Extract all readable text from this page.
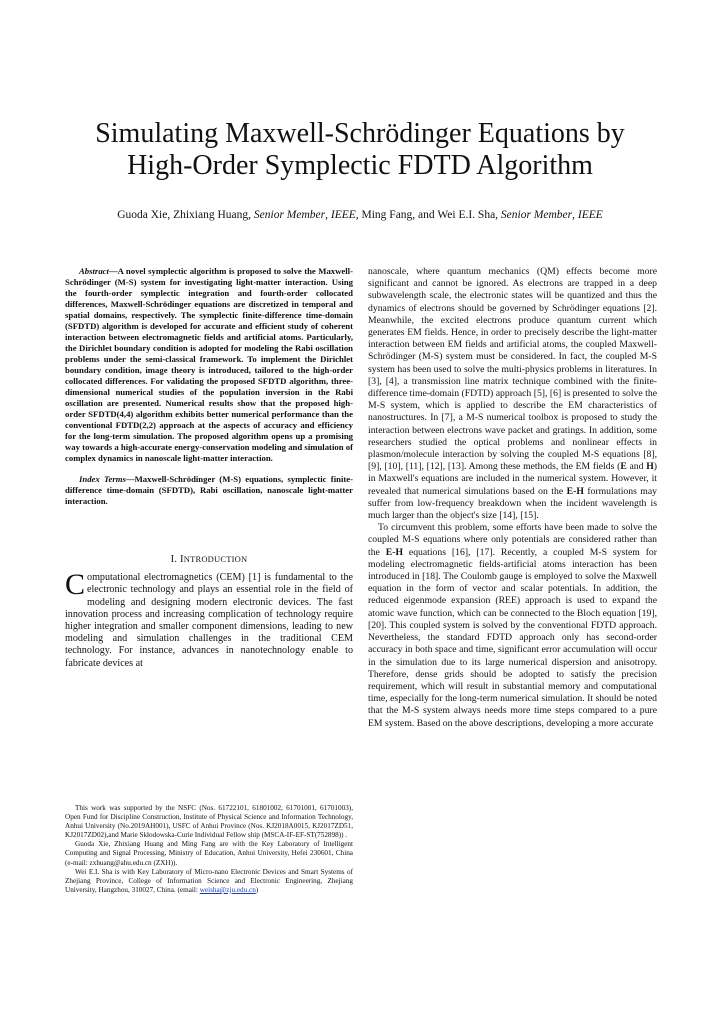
Simulating Maxwell-Schrödinger Equations by
High-Order Symplectic FDTD Algorithm
Guoda Xie, Zhixiang Huang, Senior Member, IEEE, Ming Fang, and Wei E.I. Sha, Senior Member, IEEE

Abstract—A novel symplectic algorithm is proposed to solve the Maxwell-Schrödinger (M-S) system for investigating light-matter interaction. Using the fourth-order symplectic integration and fourth-order collocated differences, Maxwell-Schrödinger equations are discretized in temporal and spatial domains, respectively. The symplectic finite-difference time-domain (SFDTD) algorithm is developed for accurate and efficient study of coherent interaction between electromagnetic fields and artificial atoms. Particularly, the Dirichlet boundary condition is adopted for modeling the Rabi oscillation problems under the semi-classical framework. To implement the Dirichlet boundary condition, image theory is introduced, tailored to the high-order collocated differences. For validating the proposed SFDTD algorithm, three-dimensional numerical studies of the population inversion in the Rabi oscillation are presented. Numerical results show that the proposed high-order SFDTD(4,4) algorithm exhibits better numerical performance than the conventional FDTD(2,2) approach at the aspects of accuracy and efficiency for the long-term simulation. The proposed algorithm opens up a promising way towards a high-accurate energy-conservation modeling and simulation of complex dynamics in nanoscale light-matter interaction.

Index Terms—Maxwell-Schrödinger (M-S) equations, symplectic finite-difference time-domain (SFDTD), Rabi oscillation, nanoscale light-matter interaction.

I. INTRODUCTION

Computational electromagnetics (CEM) [1] is fundamental to the electronic technology and plays an essential role in the field of modeling and designing modern electronic devices. The fast innovation process and increasing complication of technology require higher integration and smaller component dimensions, leading to new modeling and simulation challenges in the traditional CEM technology. For instance, advances in nanotechnology enable to fabricate devices at

This work was supported by the NSFC (Nos. 61722101, 61801002, 61701001, 61701003), Open Fund for Discipline Construction, Institute of Physical Science and Information Technology, Anhui University (No.2019AH001), USFC of Anhui Province (Nos. KJ2018A0015, KJ2017ZD51, KJ2017ZD02),and Marie Skłodowska-Curie Individual Fellow ship (MSCA-IF-EF-ST(752898)) .

Guoda Xie, Zhixiang Huang and Ming Fang are with the Key Laboratory of Intelligent Computing and Signal Processing, Ministry of Education, Anhui University, Hefei 230601, China (e-mail: zxhuang@ahu.edu.cn (ZXH)).

Wei E.I. Sha is with Key Laboratory of Micro-nano Electronic Devices and Smart Systems of Zhejiang Province, College of Information Science and Electronic Engineering, Zhejiang University, Hangzhou, 310027, China. (email: weisha@zju.edu.cn)

nanoscale, where quantum mechanics (QM) effects become more significant and cannot be ignored. As electrons are trapped in a deep subwavelength scale, the electronic states will be quantized and thus the dynamics of electrons should be governed by Schrödinger equations [2]. Meanwhile, the excited electrons produce quantum current which generates EM fields. Hence, in order to precisely describe the light-matter interaction between EM fields and artificial atoms, the coupled Maxwell-Schrödinger (M-S) system must be considered. In fact, the coupled M-S system has been used to solve the multi-physics problems in literatures. In [3], [4], a transmission line matrix technique combined with the finite-difference time-domain (FDTD) approach [5], [6] is presented to solve the M-S system, which is applied to describe the EM characteristics of nanostructures. In [7], a M-S numerical toolbox is proposed to study the interaction between electrons wave packet and gratings. In addition, some researchers studied the optical problems and nonlinear effects in plasmon/molecule interaction by solving the coupled M-S equations [8], [9], [10], [11], [12], [13]. Among these methods, the EM fields (E and H) in Maxwell's equations are included in the numerical system. However, it revealed that numerical simulations based on the E-H formulations may suffer from low-frequency breakdown when the incident wavelength is much larger than the object's size [14], [15].

To circumvent this problem, some efforts have been made to solve the coupled M-S equations where only potentials are considered rather than the E-H equations [16], [17]. Recently, a coupled M-S system for modeling electromagnetic fields-artificial atoms interaction has been introduced in [18]. The Coulomb gauge is employed to solve the Maxwell equation in the form of vector and scalar potentials. In addition, the reduced eigenmode expansion (REE) approach is used to expand the atomic wave function, which can be connected to the Bloch equation [19], [20]. This coupled system is solved by the conventional FDTD approach. Nevertheless, the standard FDTD approach only has second-order accuracy in both space and time, significant error accumulation will occur in the simulation due to its large numerical dispersion and anisotropy. Therefore, dense grids should be adopted to satisfy the precision requirement, which will result in substantial memory and computational time, especially for the long-term numerical simulation. It should be noted that the M-S system always needs more time steps compared to a pure EM system. Based on the above descriptions, developing a more accurate
